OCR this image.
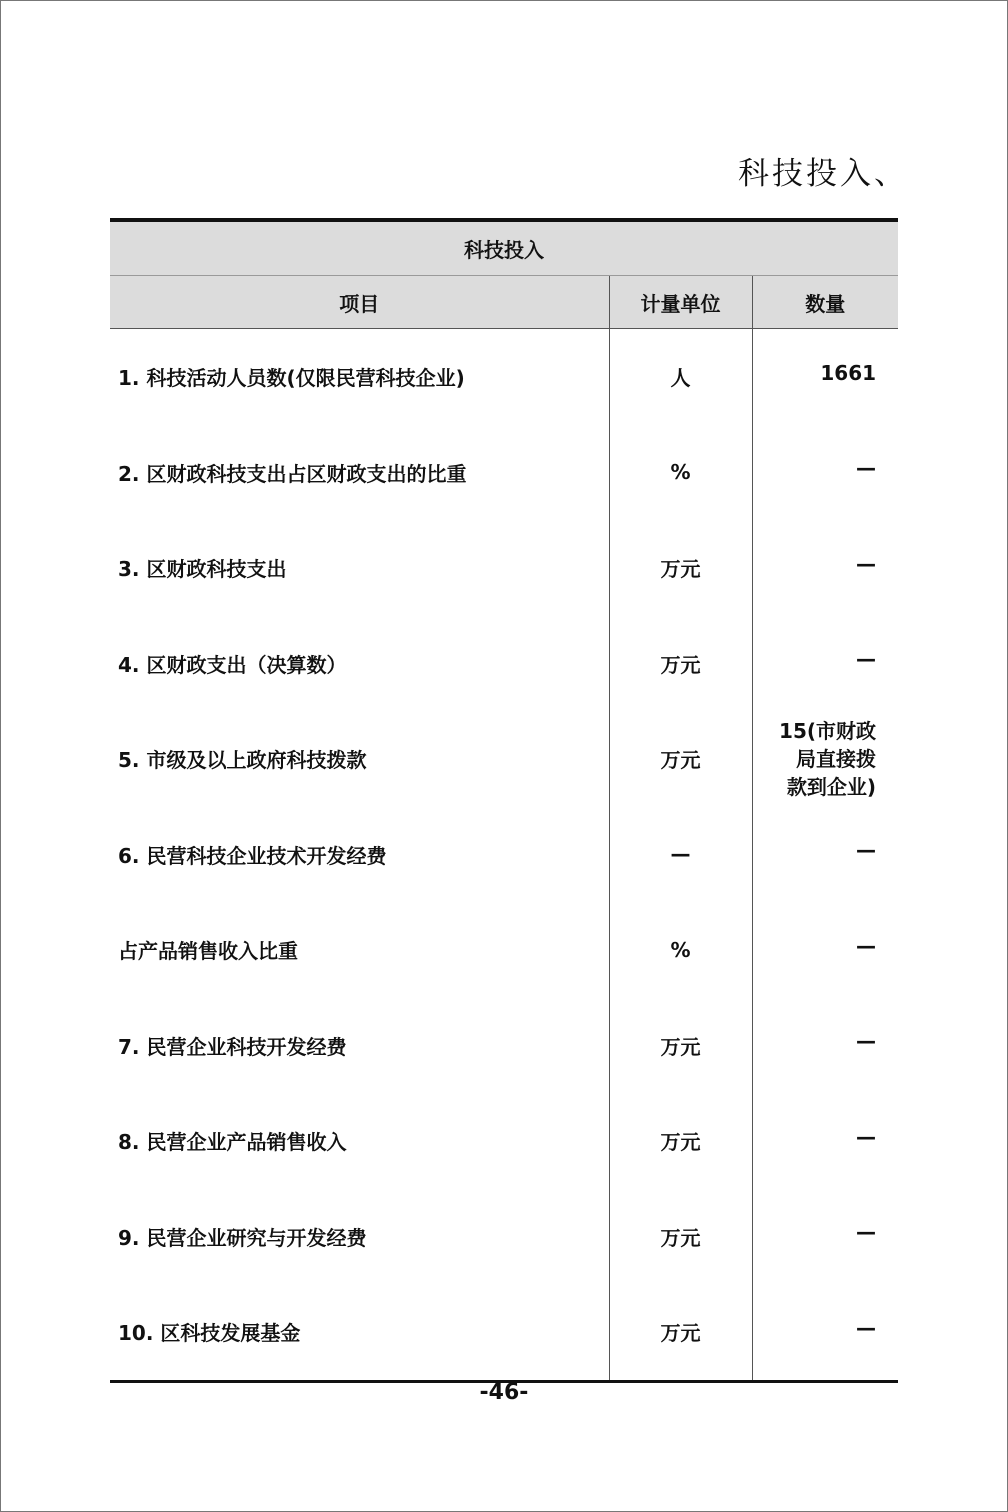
科技投入、
科技投入		
项目	计量单位	数量
1. 科技活动人员数(仅限民营科技企业)	人	1661
2. 区财政科技支出占区财政支出的比重	%	—
3. 区财政科技支出	万元	—
4. 区财政支出（决算数）	万元	—
5. 市级及以上政府科技拨款	万元	15(市财政
局直接拨
款到企业)

6. 民营科技企业技术开发经费	—	—
占产品销售收入比重	%	—
7. 民营企业科技开发经费	万元	—
8. 民营企业产品销售收入	万元	—
9. 民营企业研究与开发经费	万元	—
10. 区科技发展基金	万元	—
-46-
